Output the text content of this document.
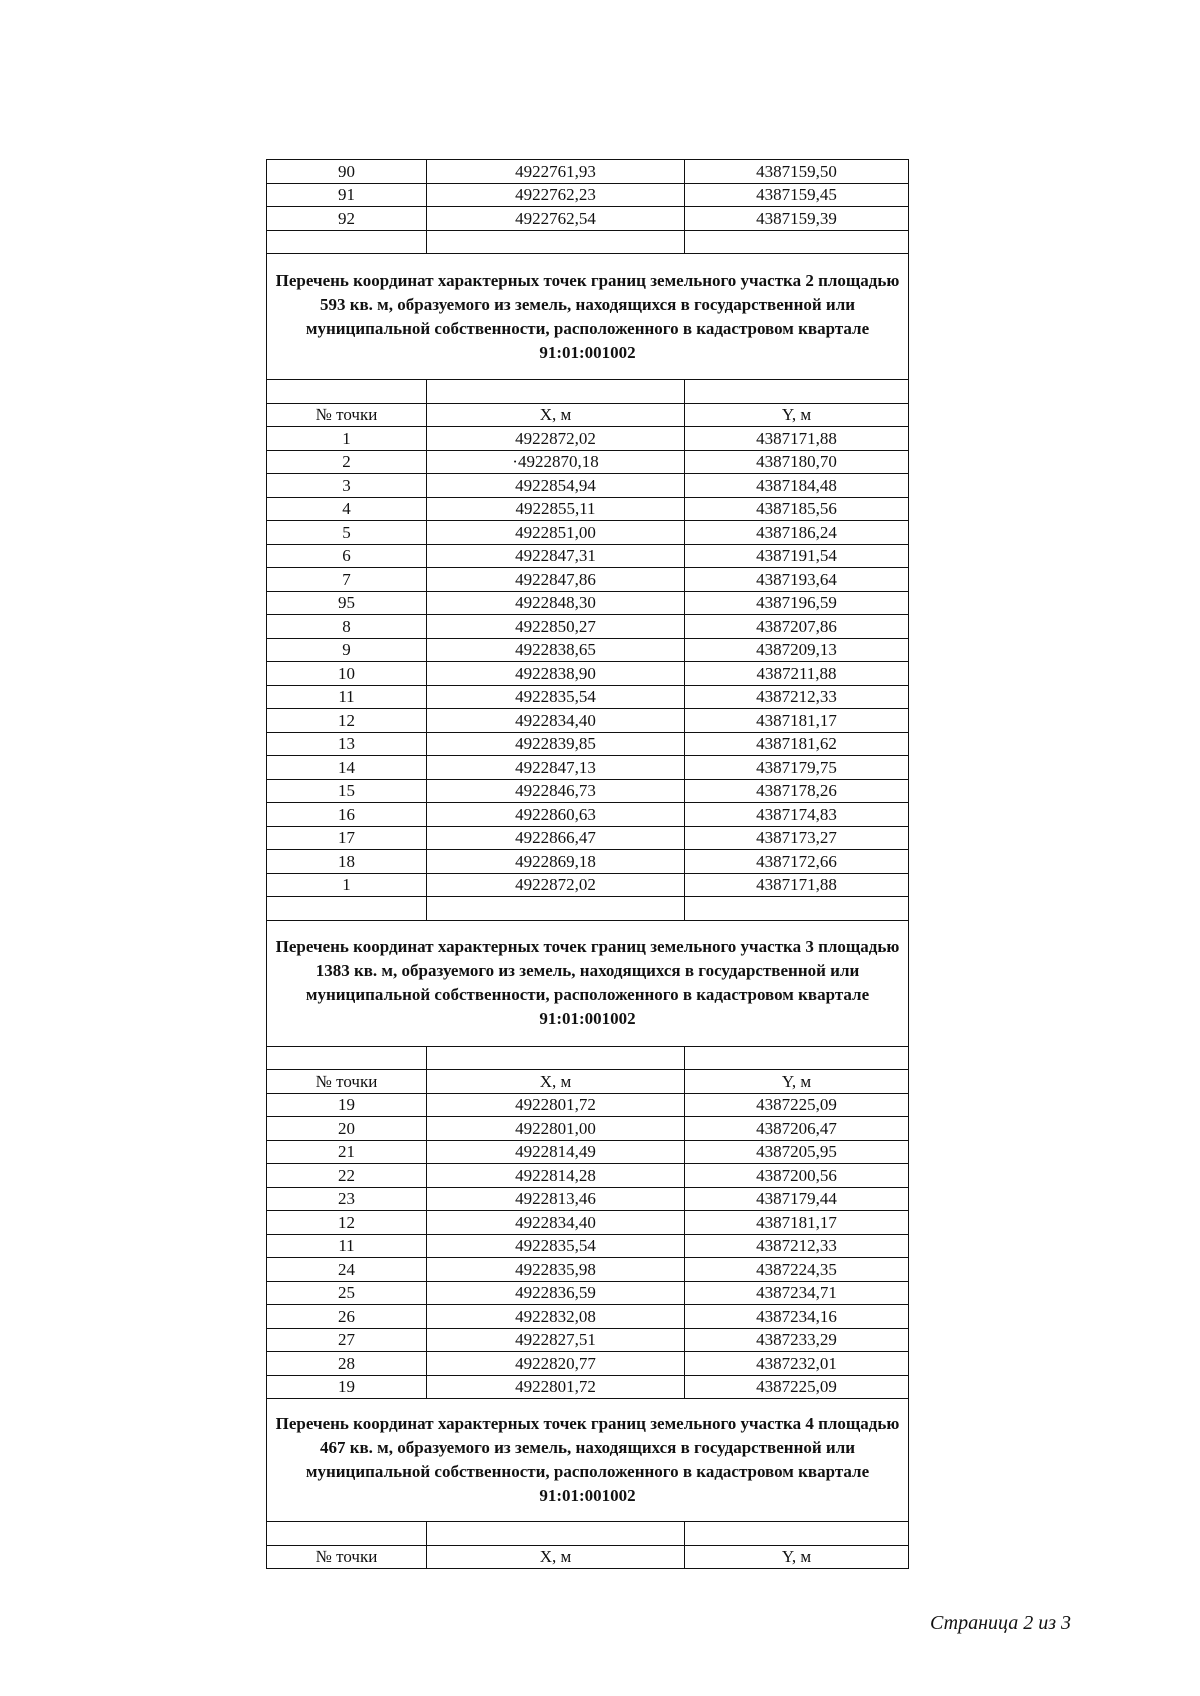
90	4922761,93	4387159,50
91	4922762,23	4387159,45
92	4922762,54	4387159,39

Перечень координат характерных точек границ земельного участка 2 площадью 593 кв. м, образуемого из земель, находящихся в государственной или муниципальной собственности, расположенного в кадастровом квартале 91:01:001002		

№ точки	X, м	Y, м
1	4922872,02	4387171,88
2	·4922870,18	4387180,70
3	4922854,94	4387184,48
4	4922855,11	4387185,56
5	4922851,00	4387186,24
6	4922847,31	4387191,54
7	4922847,86	4387193,64
95	4922848,30	4387196,59
8	4922850,27	4387207,86
9	4922838,65	4387209,13
10	4922838,90	4387211,88
11	4922835,54	4387212,33
12	4922834,40	4387181,17
13	4922839,85	4387181,62
14	4922847,13	4387179,75
15	4922846,73	4387178,26
16	4922860,63	4387174,83
17	4922866,47	4387173,27
18	4922869,18	4387172,66
1	4922872,02	4387171,88

Перечень координат характерных точек границ земельного участка 3 площадью 1383 кв. м, образуемого из земель, находящихся в государственной или муниципальной собственности, расположенного в кадастровом квартале 91:01:001002		

№ точки	X, м	Y, м
19	4922801,72	4387225,09
20	4922801,00	4387206,47
21	4922814,49	4387205,95
22	4922814,28	4387200,56
23	4922813,46	4387179,44
12	4922834,40	4387181,17
11	4922835,54	4387212,33
24	4922835,98	4387224,35
25	4922836,59	4387234,71
26	4922832,08	4387234,16
27	4922827,51	4387233,29
28	4922820,77	4387232,01
19	4922801,72	4387225,09
Перечень координат характерных точек границ земельного участка 4 площадью 467 кв. м, образуемого из земель, находящихся в государственной или муниципальной собственности, расположенного в кадастровом квартале 91:01:001002		

№ точки	X, м	Y, м
Страница 2 из 3
